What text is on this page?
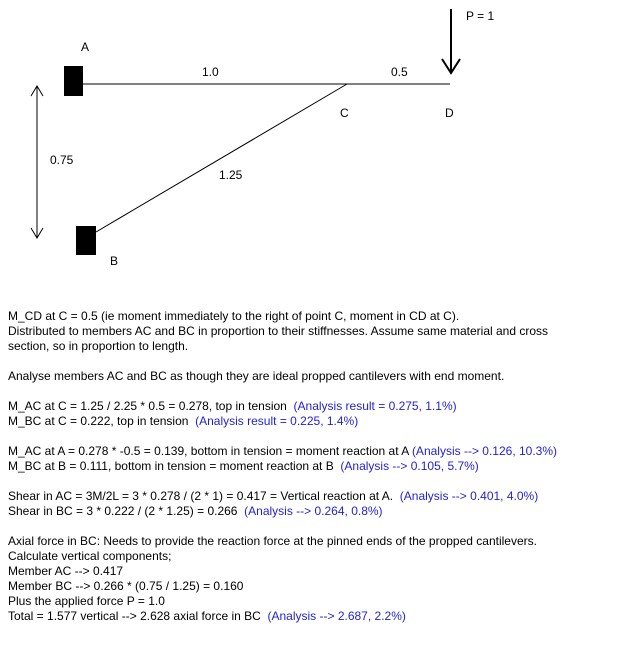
P = 1
A
B
C	D
1.0	0.5
1.25
0.75

M_CD at C = 0.5 (ie moment immediately to the right of point C, moment in CD at C).

Distributed to members AC and BC in proportion to their stiffnesses. Assume same material and cross

section, so in proportion to length.

Analyse members AC and BC as though they are ideal propped cantilevers with end moment.

M_AC at C = 1.25 / 2.25 * 0.5 = 0.278, top in tension (Analysis result = 0.275, 1.1%)

M_BC at C = 0.222, top in tension (Analysis result = 0.225, 1.4%)

M_AC at A = 0.278 * -0.5 = 0.139, bottom in tension = moment reaction at A (Analysis --> 0.126, 10.3%)

M_BC at B = 0.111, bottom in tension = moment reaction at B (Analysis --> 0.105, 5.7%)

Shear in AC = 3M/2L = 3 * 0.278 / (2 * 1) = 0.417 = Vertical reaction at A. (Analysis --> 0.401, 4.0%)

Shear in BC = 3 * 0.222 / (2 * 1.25) = 0.266 (Analysis --> 0.264, 0.8%)

Axial force in BC: Needs to provide the reaction force at the pinned ends of the propped cantilevers.

Calculate vertical components;

Member AC --> 0.417

Member BC --> 0.266 * (0.75 / 1.25) = 0.160

Plus the applied force P = 1.0

Total = 1.577 vertical --> 2.628 axial force in BC (Analysis --> 2.687, 2.2%)
